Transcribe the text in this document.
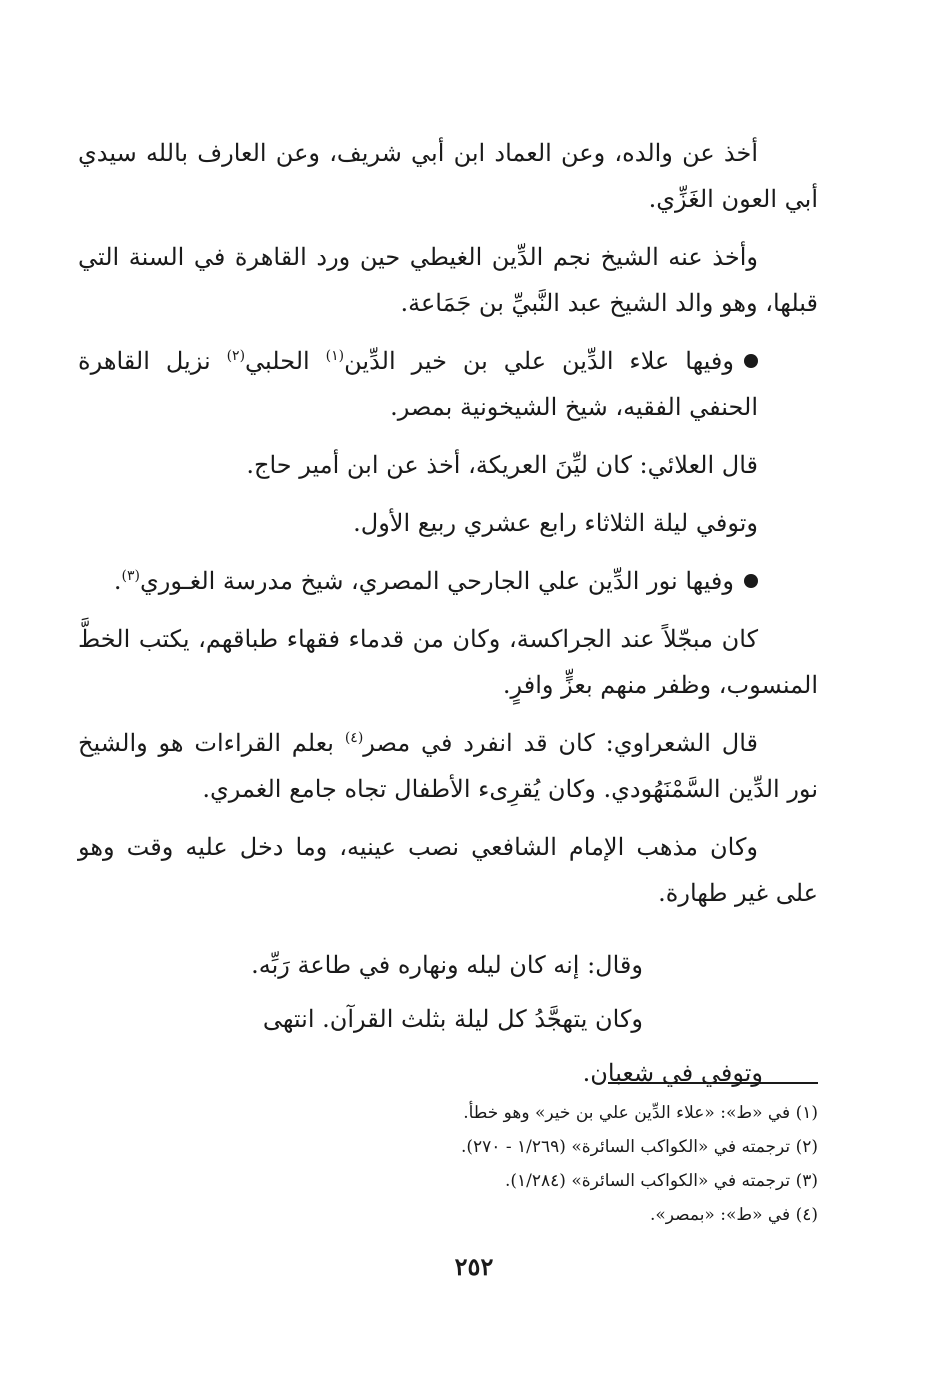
أخذ عن والده، وعن العماد ابن أبي شريف، وعن العارف بالله سيدي أبي العون الغَزِّي.

وأخذ عنه الشيخ نجم الدِّين الغيطي حين ورد القاهرة في السنة التي قبلها، وهو والد الشيخ عبد النَّبيِّ بن جَمَاعة.

وفيها علاء الدِّين علي بن خير الدِّين$^{(١)}$ الحلبي$^{(٢)}$ نزيل القاهرة الحنفي الفقيه، شيخ الشيخونية بمصر.

قال العلائي: كان ليِّنَ العريكة، أخذ عن ابن أمير حاج.

وتوفي ليلة الثلاثاء رابع عشري ربيع الأول.

وفيها نور الدِّين علي الجارحي المصري، شيخ مدرسة الغـوري$^{(٣)}$.

كان مبجّلاً عند الجراكسة، وكان من قدماء فقهاء طباقهم، يكتب الخطَّ المنسوب، وظفر منهم بعزٍّ وافرٍ.

قال الشعراوي: كان قد انفرد في مصر$^{(٤)}$ بعلم القراءات هو والشيخ نور الدِّين السَّمْنَهُودي. وكان يُقرِىء الأطفال تجاه جامع الغمري.

وكان مذهب الإمام الشافعي نصب عينيه، وما دخل عليه وقت وهو على غير طهارة.

وقال: إنه كان ليله ونهاره في طاعة رَبِّه.
وكان يتهجَّدُ كل ليلة بثلث القرآن. انتهى
وتوفي في شعبان.
(١) في «ط»: «علاء الدِّين علي بن خير» وهو خطأ.
(٢) ترجمته في «الكواكب السائرة» (١/٢٦٩ - ٢٧٠).
(٣) ترجمته في «الكواكب السائرة» (١/٢٨٤).
(٤) في «ط»: «بمصر».
٢٥٢
